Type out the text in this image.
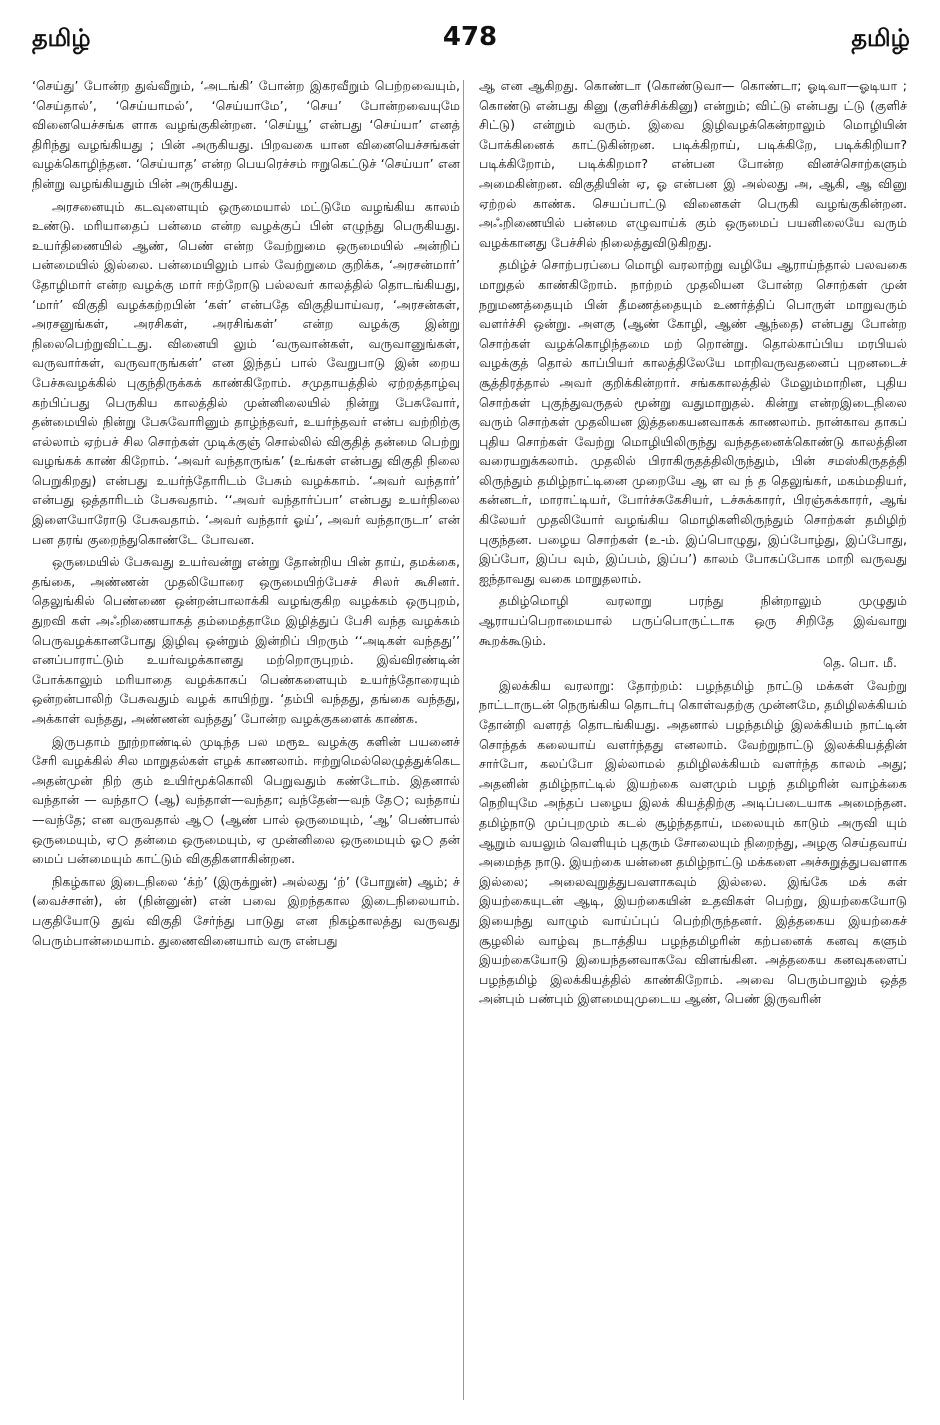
தமிழ்	478	தமிழ்

‘செய்து’ போன்ற துவ்வீறும், ‘அடங்கி’ போன்ற இகரவீறும் பெற்றவையும், ‘செய்தால்’, ‘செய்யாமல்’, ‘செய்யாமே’, ‘செய’ போன்றவையுமே வினையெச்சங்க ளாக வழங்குகின்றன. ‘செய்யூ’ என்பது ‘செய்யா’ எனத் திரிந்து வழங்கியது ; பின் அருகியது. பிறவகை யான வினையெச்சங்கள் வழக்கொழிந்தன. ‘செய்யாத’ என்ற பெயரெச்சம் ஈறுகெட்டுச் ‘செய்யா’ என நின்று வழங்கியதும் பின் அருகியது.

அரசனையும் கடவுளையும் ஒருமையால் மட்டுமே வழங்கிய காலம் உண்டு. மரியாதைப் பன்மை என்ற வழக்குப் பின் எழுந்து பெருகியது. உயர்திணையில் ஆண், பெண் என்ற வேற்றுமை ஒருமையில் அன்றிப் பன்மையில் இல்லை. பன்மையிலும் பால் வேற்றுமை குறிக்க, ‘அரசன்மார்’ தோழிமார் என்ற வழக்கு மார் ஈற்றோடு பல்லவர் காலத்தில் தொடங்கியது, ‘மார்’ விகுதி வழக்கற்றபின் ‘கள்’ என்பதே விகுதியாய்வர, ‘அரசன்கள், அரசனுங்கள், அரசிகள், அரசிங்கள்’ என்ற வழக்கு இன்று நிலைபெற்றுவிட்டது. வினையி லும் ‘வருவான்கள், வருவானுங்கள், வருவார்கள், வருவாருங்கள்’ என இந்தப் பால் வேறுபாடு இன் றைய பேச்சுவழக்கில் புகுந்திருக்கக் காண்கிறோம். சமுதாயத்தில் ஏற்றத்தாழ்வு கற்பிப்பது பெருகிய காலத்தில் முன்னிலையில் நின்று பேசுவோர், தன்மையில் நின்று பேசுவோரினும் தாழ்ந்தவர், உயர்ந்தவர் என்ப வற்றிற்கு எல்லாம் ஏற்பச் சில சொற்கள் முடிக்குஞ் சொல்லில் விகுதித் தன்மை பெற்று வழங்கக் காண் கிறோம். ‘அவர் வந்தாருங்க’ (உங்கள் என்பது விகுதி நிலை பெறுகிறது) என்பது உயர்ந்தோரிடம் பேசும் வழக்காம். ‘அவர் வந்தார்’ என்பது ஒத்தாரிடம் பேசுவதாம். ‘‘அவர் வந்தார்ப்பா’ என்பது உயர்நிலை இளையோரோடு பேசுவதாம். ‘அவர் வந்தார் ஓய்’, அவர் வந்தாருடா’ என் பன தரங் குறைந்துகொண்டே போவன.

ஒருமையில் பேசுவது உயர்வன்று என்று தோன்றிய பின் தாய், தமக்கை, தங்கை, அண்ணன் முதலியோரை ஒருமையிற்பேசச் சிலர் கூசினர். தெலுங்கில் பெண்ணை ஒன்றன்பாலாக்கி வழங்குகிற வழக்கம் ஒருபுறம், துறவி கள் அஃறிணையாகத் தம்மைத்தாமே இழித்துப் பேசி வந்த வழக்கம் பெருவழக்கானபோது இழிவு ஒன்றும் இன்றிப் பிறரும் ‘‘அடிகள் வந்தது’’ எனப்பாராட்டும் உயர்வழக்கானது மற்றொருபுறம். இவ்விரண்டின் போக்காலும் மரியாதை வழக்காகப் பெண்களையும் உயர்ந்தோரையும் ஒன்றன்பாலிற் பேசுவதும் வழக் காயிற்று. ‘தம்பி வந்தது, தங்கை வந்தது, அக்காள் வந்தது, அண்ணன் வந்தது’ போன்ற வழக்குகளைக் காண்க.

இருபதாம் நூற்றாண்டில் முடிந்த பல மரூஉ வழக்கு களின் பயனைச் சேரி வழக்கில் சில மாறுதல்கள் எழக் காணலாம். ஈற்றுமெல்லெழுத்துக்கெட அதன்முன் நிற் கும் உயிர்மூக்கொலி பெறுவதும் கண்டோம். இதனால் வந்தான் — வந்தா○ (ஆ) வந்தாள்—வந்தா; வந்தேன்—வந் தே○; வந்தாய்—வந்தே; என வருவதால் ஆ○ (ஆண் பால் ஒருமையும், ‘ஆ’ பெண்பால் ஒருமையும், ஏ○ தன்மை ஒருமையும், ஏ முன்னிலை ஒருமையும் ஓ○ தன் மைப் பன்மையும் காட்டும் விகுதிகளாகின்றன.

நிகழ்கால இடைநிலை ‘க்ற்’ (இருக்றுன்) அல்லது ‘ற்’ (போறுன்) ஆம்; ச் (வைச்சான்), ன் (நின்னுன்) என் பவை இறந்தகால இடைநிலையாம். பகுதியோடு துவ் விகுதி சேர்ந்து பாடுது என நிகழ்காலத்து வருவது பெரும்பான்மையாம். துணைவினையாம் வரு என்பது

ஆ என ஆகிறது. கொண்டா (கொண்டுவா— கொண்டா; ஓடிவா—ஓடியா ; கொண்டு என்பது கினு (குளிச்சிக்கினு) என்றும்; விட்டு என்பது ட்டு (குளிச் சிட்டு) என்றும் வரும். இவை இழிவழக்கென்றாலும் மொழியின் போக்கினைக் காட்டுகின்றன. படிக்கிறாய், படிக்கிறே, படிக்கிறியா? படிக்கிறோம், படிக்கிறமா? என்பன போன்ற வினச்சொற்களும் அமைகின்றன. விகுதியின் ஏ, ஓ என்பன இ அல்லது அ, ஆகி, ஆ வினு ஏற்றல் காண்க. செயப்பாட்டு வினைகள் பெருகி வழங்குகின்றன. அஃறிணையில் பன்மை எழுவாய்க் கும் ஒருமைப் பயனிலையே வரும் வழக்கானது பேச்சில் நிலைத்துவிடுகிறது.

தமிழ்ச் சொற்பரப்பை மொழி வரலாற்று வழியே ஆராய்ந்தால் பலவகை மாறுதல் காண்கிறோம். நாற்றம் முதலியன போன்ற சொற்கள் முன் நறுமணத்தையும் பின் தீமணத்தையும் உணர்த்திப் பொருள் மாறுவரும் வளர்ச்சி ஒன்று. அளகு (ஆண் கோழி, ஆண் ஆந்தை) என்பது போன்ற சொற்கள் வழக்கொழிந்தமை மற் றொன்று. தொல்காப்பிய மரபியல் வழக்குத் தொல் காப்பியர் காலத்திலேயே மாறிவருவதனைப் புறனடைச் சூத்திரத்தால் அவர் குறிக்கின்றார். சங்ககாலத்தில் மேலும்மாறின, புதிய சொற்கள் புகுந்துவருதல் மூன்று வதுமாறுதல். கின்று என்றஇடைநிலை வரும் சொற்கள் முதலியன இத்தகையனவாகக் காணலாம். நான்காவ தாகப் புதிய சொற்கள் வேற்று மொழியிலிருந்து வந்ததனைக்கொண்டு காலத்தின வரையறுக்கலாம். முதலில் பிராகிருதத்திலிருந்தும், பின் சமஸ்கிருதத்தி லிருந்தும் தமிழ்நாட்டினை முறையே ஆ ள வ ந் த தெலுங்கர், மகம்மதியர், கன்னடர், மாராட்டியர், போர்ச்சுகேசியர், டச்சுக்காரர், பிரஞ்சுக்காரர், ஆங் கிலேயர் முதலியோர் வழங்கிய மொழிகளிலிருந்தும் சொற்கள் தமிழிற் புகுந்தன. பழைய சொற்கள் (உ-ம். இப்பொழுது, இப்போழ்து, இப்போது, இப்போ, இப்ப வும், இப்பம், இப்ப’) காலம் போகப்போக மாறி வருவது ஐந்தாவது வகை மாறுதலாம்.

தமிழ்மொழி வரலாறு பரந்து நின்றாலும் முழுதும் ஆராயப்பெறாமையால் பருப்பொருட்டாக ஒரு சிறிதே இவ்வாறு கூறக்கூடும்.

தெ. பொ. மீ.

இலக்கிய வரலாறு: தோற்றம்: பழந்தமிழ் நாட்டு மக்கள் வேற்று நாட்டாருடன் நெருங்கிய தொடர்பு கொள்வதற்கு முன்னமே, தமிழிலக்கியம் தோன்றி வளரத் தொடங்கியது. அதனால் பழந்தமிழ் இலக்கியம் நாட்டின் சொந்தக் கலையாய் வளர்ந்தது எனலாம். வேற்றுநாட்டு இலக்கியத்தின் சார்போ, கலப்போ இல்லாமல் தமிழிலக்கியம் வளர்ந்த காலம் அது; அதனின் தமிழ்நாட்டில் இயற்கை வளமும் பழந் தமிழரின் வாழ்க்கை நெறியுமே அந்தப் பழைய இலக் கியத்திற்கு அடிப்படையாக அமைந்தன. தமிழ்நாடு முப்புறமும் கடல் சூழ்ந்ததாய், மலையும் காடும் அருவி யும் ஆறும் வயலும் வெளியும் புதரும் சோலையும் நிறைந்து, அழகு செய்தவாய் அமைந்த நாடு. இயற்கை யன்னை தமிழ்நாட்டு மக்களை அச்சுறுத்துபவளாக இல்லை; அலைவுறுத்துபவளாகவும் இல்லை. இங்கே மக் கள் இயற்கையுடன் ஆடி, இயற்கையின் உதவிகள் பெற்று, இயற்கையோடு இயைந்து வாழும் வாய்ப்புப் பெற்றிருந்தனர். இத்தகைய இயற்கைச் சூழலில் வாழ்வு நடாத்திய பழந்தமிழரின் கற்பனைக் கனவு களும் இயற்கையோடு இயைந்தனவாகவே விளங்கின. அத்தகைய கனவுகளைப் பழந்தமிழ் இலக்கியத்தில் காண்கிறோம். அவை பெரும்பாலும் ஒத்த அன்பும் பண்பும் இளமையுமுடைய ஆண், பெண் இருவரின்
